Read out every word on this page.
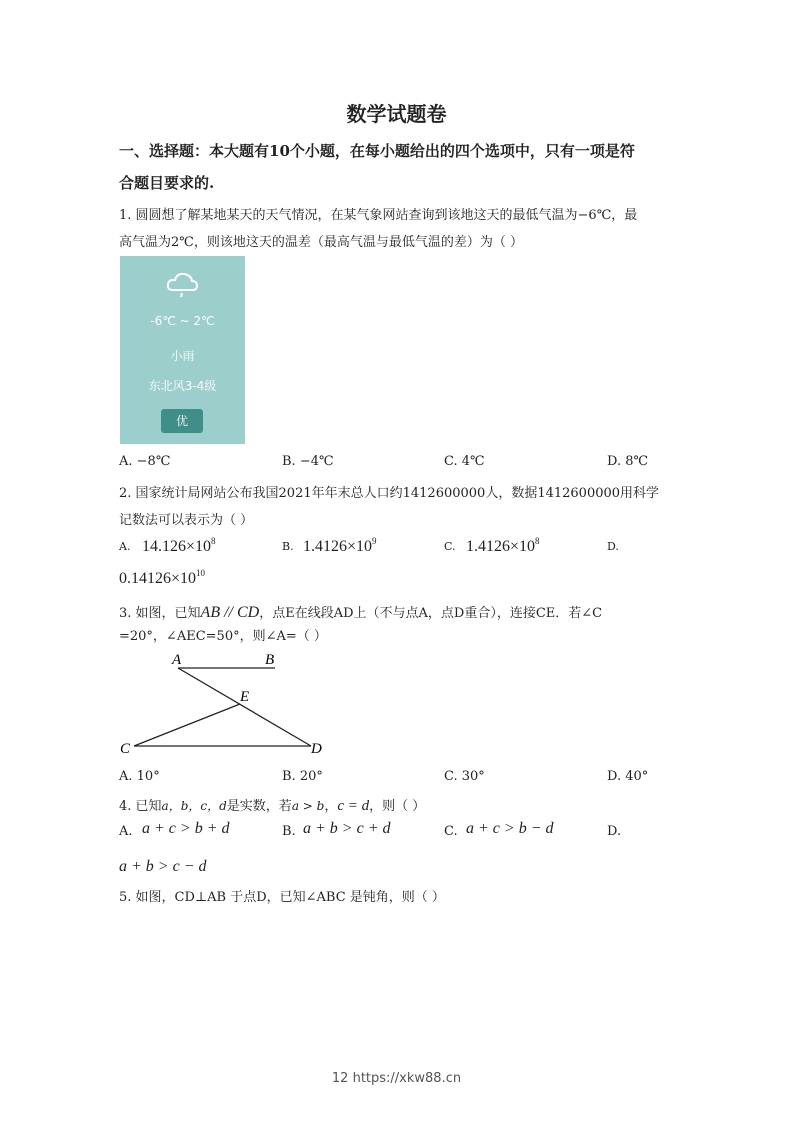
数学试题卷
一、选择题：本大题有10个小题，在每小题给出的四个选项中，只有一项是符
合题目要求的.
1. 圆圆想了解某地某天的天气情况，在某气象网站查询到该地这天的最低气温为−6℃，最
高气温为2℃，则该地这天的温差（最高气温与最低气温的差）为（ ）
-6℃ ~ 2℃
小雨
东北风3-4级
优
A. −8℃	B. −4℃	C. 4℃	D. 8℃
2. 国家统计局网站公布我国2021年年末总人口约1412600000人，数据1412600000用科学
记数法可以表示为（ ）
A. $14.126\times 10^8$	B. $1.4126\times 10^9$	C. $1.4126\times 10^8$	D.
$0.14126\times 10^{10}$
3. 如图，已知AB // CD，点E在线段AD上（不与点A，点D重合），连接CE．若∠C
=20°，∠AEC=50°，则∠A=（ ）
A	B
E
C	D
A. 10°	B. 20°	C. 30°	D. 40°
4. 已知a，b，c，d是实数，若a > b，c = d，则（ ）
A. a + c > b + d	B. a + b > c + d	C. a + c > b − d	D.
a + b > c − d
5. 如图，CD⊥AB 于点D，已知∠ABC 是钝角，则（ ）
12 https://xkw88.cn
